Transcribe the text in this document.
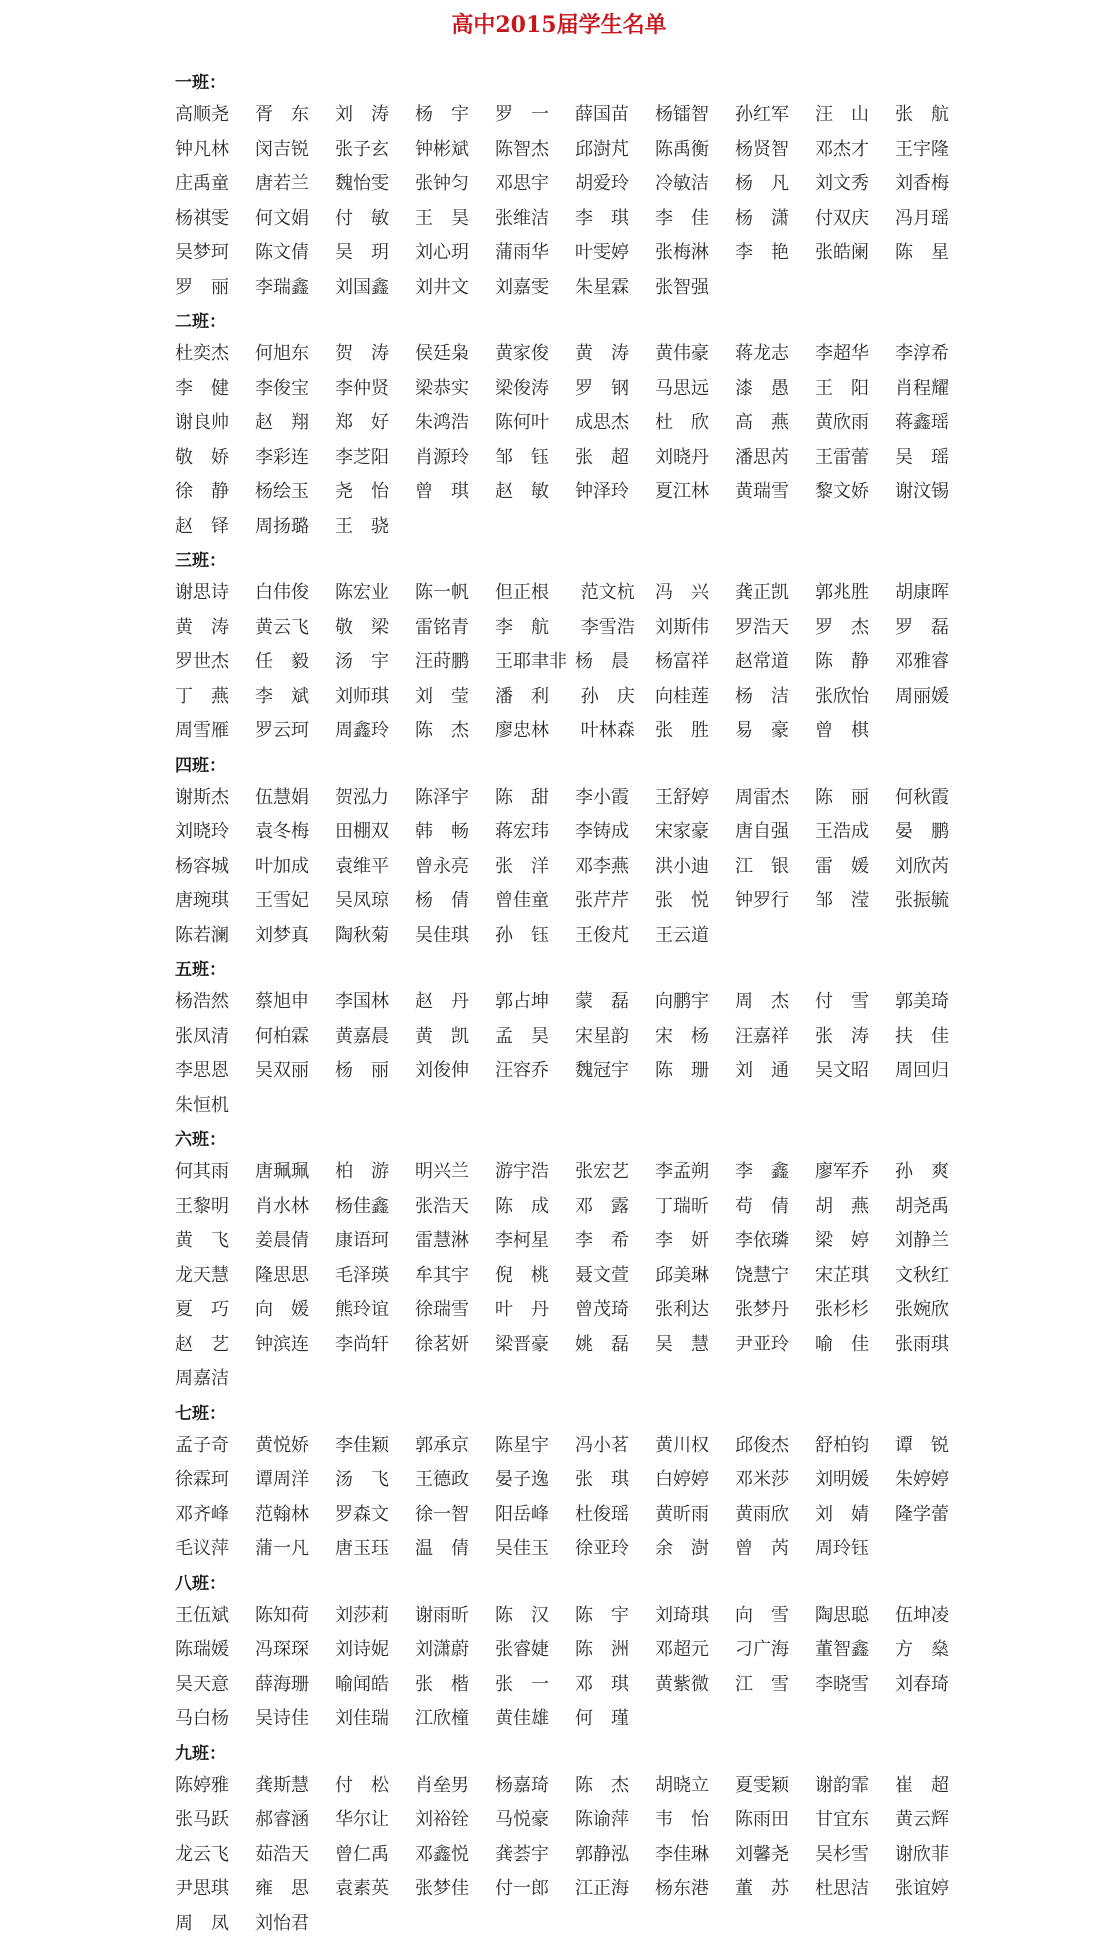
高中2015届学生名单
一班：
高顺尧	胥　东	刘　涛	杨　宇	罗　一	薛国苗	杨镭智	孙红军	汪　山	张　航
钟凡林	闵吉锐	张子玄	钟彬斌	陈智杰	邱澍芃	陈禹衡	杨贤智	邓杰才	王宇隆
庄禹童	唐若兰	魏怡雯	张钟匀	邓思宇	胡爱玲	冷敏洁	杨　凡	刘文秀	刘香梅
杨祺雯	何文娟	付　敏	王　昊	张维洁	李　琪	李　佳	杨　潇	付双庆	冯月瑶
吴梦珂	陈文倩	吴　玥	刘心玥	蒲雨华	叶雯婷	张梅淋	李　艳	张皓阑	陈　星
罗　丽	李瑞鑫	刘国鑫	刘井文	刘嘉雯	朱星霖	张智强
二班：
杜奕杰	何旭东	贺　涛	侯廷枭	黄家俊	黄　涛	黄伟豪	蒋龙志	李超华	李淳希
李　健	李俊宝	李仲贤	梁恭实	梁俊涛	罗　钢	马思远	漆　愚	王　阳	肖程耀
谢良帅	赵　翔	郑　好	朱鸿浩	陈何叶	成思杰	杜　欣	高　燕	黄欣雨	蒋鑫瑶
敬　娇	李彩连	李芝阳	肖源玲	邹　钰	张　超	刘晓丹	潘思芮	王雷蕾	吴　瑶
徐　静	杨绘玉	尧　怡	曾　琪	赵　敏	钟泽玲	夏江林	黄瑞雪	黎文娇	谢汶锡
赵　铎	周扬璐	王　骁
三班：
谢思诗	白伟俊	陈宏业	陈一帆	但正根	范文杭	冯　兴	龚正凯	郭兆胜	胡康晖
黄　涛	黄云飞	敬　梁	雷铭青	李　航	李雪浩	刘斯伟	罗浩天	罗　杰	罗　磊
罗世杰	任　毅	汤　宇	汪莳鹏	王耶聿非 杨　晨	杨富祥	赵常道	陈　静	邓雅睿
丁　燕	李　斌	刘师琪	刘　莹	潘　利	孙　庆	向桂莲	杨　洁	张欣怡	周丽媛
周雪雁	罗云珂	周鑫玲	陈　杰	廖忠林	叶林森	张　胜	易　豪	曾　棋
四班：
谢斯杰	伍慧娟	贺泓力	陈泽宇	陈　甜	李小霞	王舒婷	周雷杰	陈　丽	何秋霞
刘晓玲	袁冬梅	田棚双	韩　畅	蒋宏玮	李铸成	宋家豪	唐自强	王浩成	晏　鹏
杨容城	叶加成	袁维平	曾永亮	张　洋	邓李燕	洪小迪	江　银	雷　媛	刘欣芮
唐琬琪	王雪妃	吴凤琼	杨　倩	曾佳童	张芹芹	张　悦	钟罗行	邹　滢	张振毓
陈若澜	刘梦真	陶秋菊	吴佳琪	孙　钰	王俊芃	王云道
五班：
杨浩然	蔡旭申	李国林	赵　丹	郭占坤	蒙　磊	向鹏宇	周　杰	付　雪	郭美琦
张凤清	何柏霖	黄嘉晨	黄　凯	孟　昊	宋星韵	宋　杨	汪嘉祥	张　涛	扶　佳
李思恩	吴双丽	杨　丽	刘俊伸	汪容乔	魏冠宇	陈　珊	刘　通	吴文昭	周回归
朱恒机
六班：
何其雨	唐珮珮	柏　游	明兴兰	游宇浩	张宏艺	李孟朔	李　鑫	廖军乔	孙　爽
王黎明	肖水林	杨佳鑫	张浩天	陈　成	邓　露	丁瑞昕	苟　倩	胡　燕	胡尧禹
黄　飞	姜晨倩	康语珂	雷慧淋	李柯星	李　希	李　妍	李依璘	梁　婷	刘静兰
龙天慧	隆思思	毛泽瑛	牟其宇	倪　桃	聂文萱	邱美琳	饶慧宁	宋芷琪	文秋红
夏　巧	向　媛	熊玲谊	徐瑞雪	叶　丹	曾茂琦	张利达	张梦丹	张杉杉	张婉欣
赵　艺	钟滨连	李尚轩	徐茗妍	梁晋豪	姚　磊	吴　慧	尹亚玲	喻　佳	张雨琪
周嘉洁
七班：
孟子奇	黄悦娇	李佳颖	郭承京	陈星宇	冯小茗	黄川权	邱俊杰	舒柏钧	谭　锐
徐霖珂	谭周洋	汤　飞	王德政	晏子逸	张　琪	白婷婷	邓米莎	刘明媛	朱婷婷
邓齐峰	范翰林	罗森文	徐一智	阳岳峰	杜俊瑶	黄昕雨	黄雨欣	刘　婧	隆学蕾
毛议萍	蒲一凡	唐玉珏	温　倩	吴佳玉	徐亚玲	余　澍	曾　芮	周玲钰
八班：
王伍斌	陈知荷	刘莎莉	谢雨昕	陈　汉	陈　宇	刘琦琪	向　雪	陶思聪	伍坤凌
陈瑞媛	冯琛琛	刘诗妮	刘潇蔚	张睿婕	陈　洲	邓超元	刁广海	董智鑫	方　燊
吴天意	薛海珊	喻闻皓	张　楷	张　一	邓　琪	黄紫微	江　雪	李晓雪	刘春琦
马白杨	吴诗佳	刘佳瑞	江欣橦	黄佳雄	何　瑾
九班：
陈婷雅	龚斯慧	付　松	肖垒男	杨嘉琦	陈　杰	胡晓立	夏雯颖	谢韵霏	崔　超
张马跃	郝睿涵	华尔让	刘裕铨	马悦豪	陈谕萍	韦　怡	陈雨田	甘宜东	黄云辉
龙云飞	茹浩天	曾仁禹	邓鑫悦	龚荟宇	郭静泓	李佳琳	刘馨尧	吴杉雪	谢欣菲
尹思琪	雍　思	袁素英	张梦佳	付一郎	江正海	杨东港	董　苏	杜思洁	张谊婷
周　凤	刘怡君
